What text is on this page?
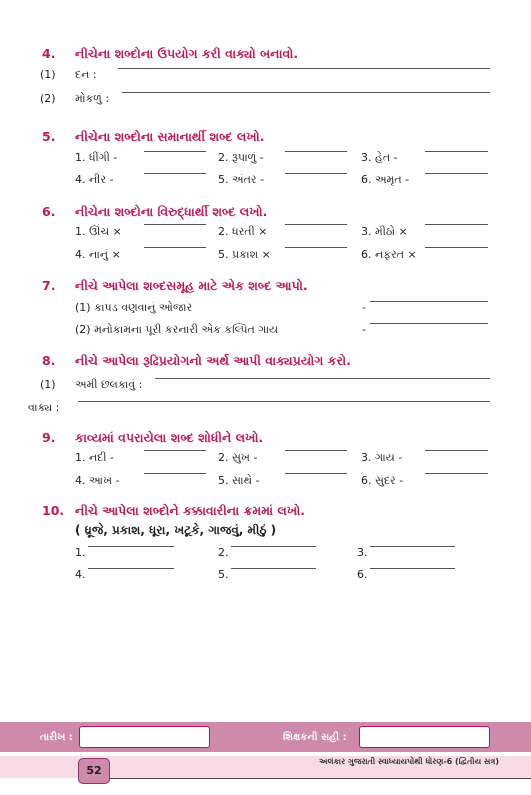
4. નીચેના શબ્દોના ઉપયોગ કરી વાક્યો બનાવો.
(1) દન :
(2) મોકળું :
5. નીચેના શબ્દોના સમાનાર્થી શબ્દ લખો.
1. ધીંગી -	2. રૂપાળું -	3. હેત -
4. નીર -	5. અંતર -	6. અમૃત -
6. નીચેના શબ્દોના વિરુદ્ધાર્થી શબ્દ લખો.
1. ઊંચ ×	2. ધરતી ×	3. મીઠો ×
4. નાનું ×	5. પ્રકાશ ×	6. નફરત ×
7. નીચે આપેલા શબ્દસમૂહ માટે એક શબ્દ આપો.
(1) કાપડ વણવાનું ઓજાર	-
(2) મનોકામના પૂરી કરનારી એક કલ્પિત ગાય	-
8. નીચે આપેલા રૂઢિપ્રયોગનો અર્થ આપી વાક્યપ્રયોગ કરો.
(1) અમી છલકાવું :
વાક્ય :
9. કાવ્યમાં વપરાયેલા શબ્દ શોધીને લખો.
1. નદી -	2. સુખ -	3. ગાય -
4. આંખ -	5. સાથે -	6. સુંદર -
10. નીચે આપેલા શબ્દોને કક્કાવારીના ક્રમમાં લખો.
( ધ્રૂજે, પ્રકાશ, ધૂરા, ખટૂકે, ગાજવું, મીઠું )
1.	2.	3.
4.	5.	6.
તારીખ :	શિક્ષકની સહી :
52
અલંકાર ગુજરાતી સ્વાધ્યાયપોથી ધોરણ-6 (દ્વિતીય સત્ર)
